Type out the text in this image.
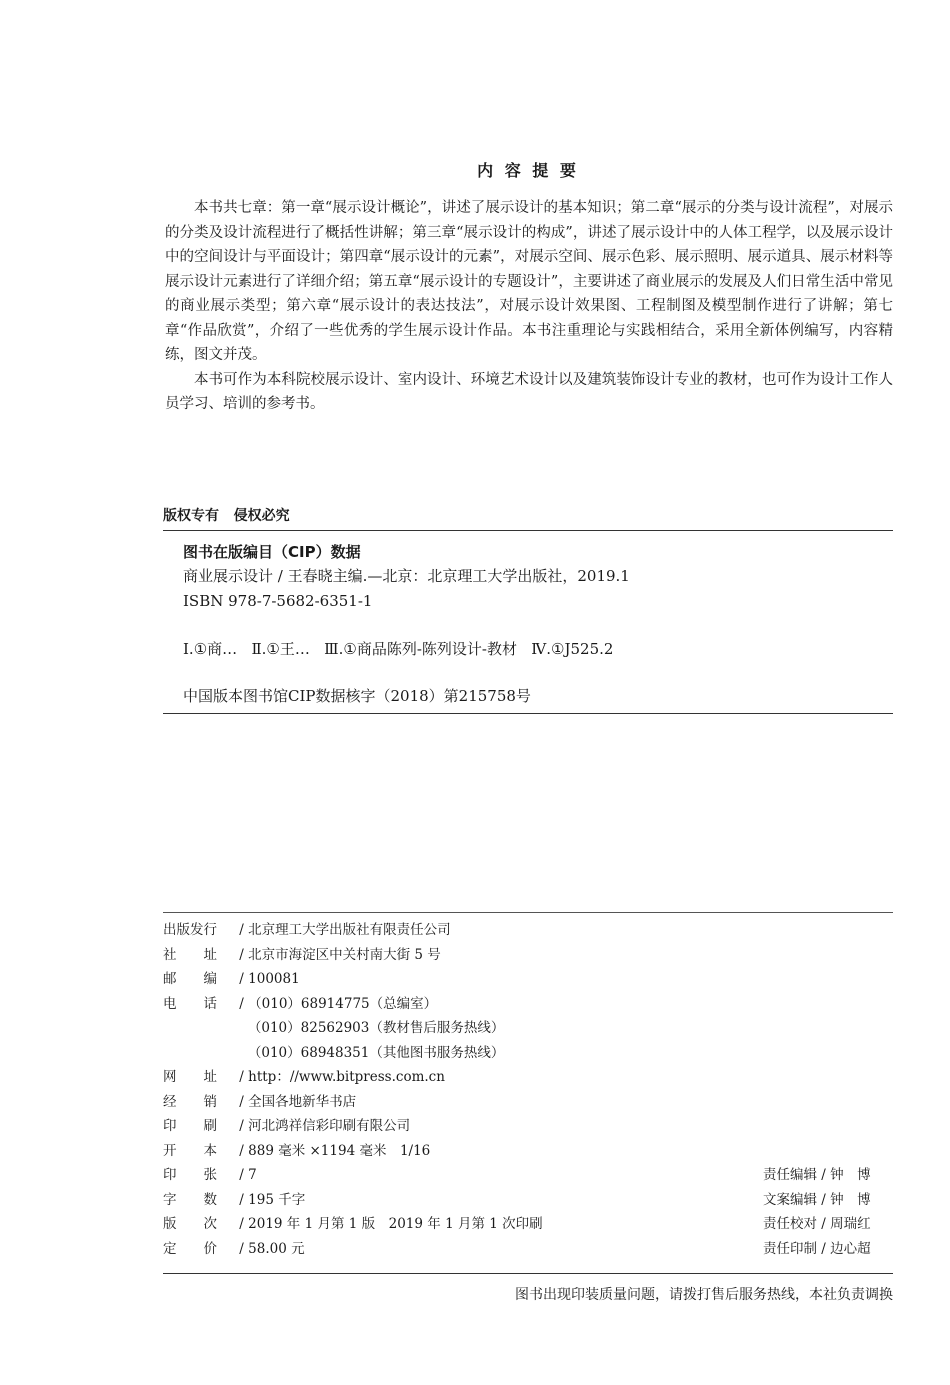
内 容 提 要

本书共七章：第一章“展示设计概论”，讲述了展示设计的基本知识；第二章“展示的分类与设计流程”，对展示的分类及设计流程进行了概括性讲解；第三章“展示设计的构成”，讲述了展示设计中的人体工程学，以及展示设计中的空间设计与平面设计；第四章“展示设计的元素”，对展示空间、展示色彩、展示照明、展示道具、展示材料等展示设计元素进行了详细介绍；第五章“展示设计的专题设计”，主要讲述了商业展示的发展及人们日常生活中常见的商业展示类型；第六章“展示设计的表达技法”，对展示设计效果图、工程制图及模型制作进行了讲解；第七章“作品欣赏”，介绍了一些优秀的学生展示设计作品。本书注重理论与实践相结合，采用全新体例编写，内容精练，图文并茂。

本书可作为本科院校展示设计、室内设计、环境艺术设计以及建筑装饰设计专业的教材，也可作为设计工作人员学习、培训的参考书。

版权专有   侵权必究
图书在版编目（CIP）数据
商业展示设计 / 王春晓主编.—北京：北京理工大学出版社，2019.1
ISBN 978-7-5682-6351-1
Ⅰ.①商…   Ⅱ.①王…   Ⅲ.①商品陈列-陈列设计-教材   Ⅳ.①J525.2
中国版本图书馆CIP数据核字（2018）第215758号
出版发行 / 北京理工大学出版社有限责任公司
社　　址 / 北京市海淀区中关村南大街 5 号
邮　　编 / 100081
电　　话 / （010）68914775（总编室）
（010）82562903（教材售后服务热线）
（010）68948351（其他图书服务热线）
网　　址 / http：//www.bitpress.com.cn
经　　销 / 全国各地新华书店
印　　刷 / 河北鸿祥信彩印刷有限公司
开　　本 / 889 毫米 ×1194 毫米　1/16
印　　张 / 7
字　　数 / 195 千字
版　　次 / 2019 年 1 月第 1 版　2019 年 1 月第 1 次印刷
定　　价 / 58.00 元
责任编辑 / 钟　博
文案编辑 / 钟　博
责任校对 / 周瑞红
责任印制 / 边心超
图书出现印装质量问题，请拨打售后服务热线，本社负责调换
